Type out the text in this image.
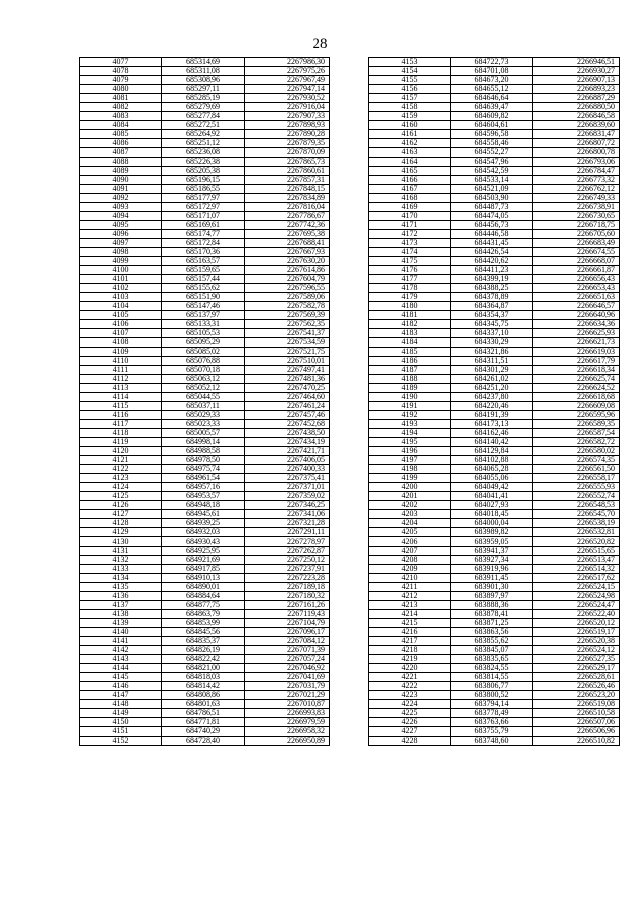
28
4077	685314,69	2267986,30
4078	685311,08	2267975,26
4079	685308,96	2267967,49
4080	685297,11	2267947,14
4081	685285,19	2267930,52
4082	685279,69	2267916,04
4083	685277,84	2267907,33
4084	685272,51	2267898,93
4085	685264,92	2267890,28
4086	685251,12	2267879,35
4087	685236,08	2267870,09
4088	685226,38	2267865,73
4089	685205,38	2267860,61
4090	685196,15	2267857,31
4091	685186,55	2267848,15
4092	685177,97	2267834,89
4093	685172,97	2267816,04
4094	685171,07	2267786,67
4095	685169,61	2267742,36
4096	685174,77	2267695,38
4097	685172,84	2267688,41
4098	685170,36	2267667,93
4099	685163,57	2267630,20
4100	685159,65	2267614,86
4101	685157,44	2267604,79
4102	685155,62	2267596,55
4103	685151,90	2267589,06
4104	685147,46	2267582,78
4105	685137,97	2267569,39
4106	685133,31	2267562,35
4107	685105,53	2267541,37
4108	685095,29	2267534,59
4109	685085,02	2267521,75
4110	685076,88	2267510,01
4111	685070,18	2267497,41
4112	685063,12	2267481,36
4113	685052,12	2267470,25
4114	685044,55	2267464,60
4115	685037,11	2267461,24
4116	685029,33	2267457,46
4117	685023,33	2267452,68
4118	685005,57	2267438,50
4119	684998,14	2267434,19
4120	684988,58	2267421,71
4121	684978,50	2267406,05
4122	684975,74	2267400,33
4123	684961,54	2267375,41
4124	684957,16	2267371,01
4125	684953,57	2267359,02
4126	684948,18	2267346,25
4127	684945,61	2267341,06
4128	684939,25	2267321,28
4129	684932,03	2267291,11
4130	684930,43	2267278,97
4131	684925,95	2267262,87
4132	684921,69	2267250,12
4133	684917,85	2267237,91
4134	684910,13	2267223,28
4135	684890,01	2267189,18
4136	684884,64	2267180,32
4137	684877,75	2267161,26
4138	684863,79	2267119,43
4139	684853,99	2267104,79
4140	684845,56	2267096,17
4141	684835,37	2267084,12
4142	684826,19	2267071,39
4143	684822,42	2267057,24
4144	684821,00	2267046,92
4145	684818,03	2267041,69
4146	684814,42	2267031,79
4147	684808,86	2267021,29
4148	684801,63	2267010,87
4149	684786,51	2266993,83
4150	684771,81	2266979,59
4151	684740,29	2266958,32
4152	684728,40	2266950,89
4153	684722,73	2266946,51
4154	684701,08	2266930,27
4155	684673,20	2266907,13
4156	684655,12	2266893,23
4157	684646,64	2266887,29
4158	684639,47	2266880,50
4159	684609,82	2266846,58
4160	684604,61	2266839,60
4161	684596,58	2266831,47
4162	684558,46	2266807,72
4163	684552,27	2266800,78
4164	684547,96	2266793,06
4165	684542,59	2266784,47
4166	684533,14	2266773,32
4167	684521,09	2266762,12
4168	684503,90	2266749,33
4169	684487,73	2266738,91
4170	684474,05	2266730,65
4171	684456,73	2266718,75
4172	684446,58	2266705,60
4173	684431,45	2266683,49
4174	684426,54	2266674,55
4175	684420,62	2266668,07
4176	684411,23	2266661,87
4177	684399,19	2266656,43
4178	684388,25	2266653,43
4179	684378,89	2266651,63
4180	684364,87	2266646,57
4181	684354,37	2266640,96
4182	684345,75	2266634,36
4183	684337,10	2266625,93
4184	684330,29	2266621,73
4185	684321,86	2266619,03
4186	684311,51	2266617,79
4187	684301,29	2266618,34
4188	684261,02	2266625,74
4189	684251,20	2266624,52
4190	684237,80	2266618,68
4191	684220,46	2266609,08
4192	684191,39	2266595,96
4193	684173,13	2266589,35
4194	684162,46	2266587,54
4195	684140,42	2266582,72
4196	684129,84	2266580,02
4197	684102,88	2266574,35
4198	684065,28	2266561,50
4199	684055,06	2266558,17
4200	684049,42	2266555,93
4201	684041,41	2266552,74
4202	684027,93	2266548,53
4203	684018,45	2266545,70
4204	684000,04	2266538,19
4205	683989,82	2266532,81
4206	683959,05	2266520,82
4207	683941,37	2266515,65
4208	683927,34	2266513,47
4209	683919,96	2266514,32
4210	683911,45	2266517,62
4211	683901,30	2266524,15
4212	683897,97	2266524,98
4213	683888,36	2266524,47
4214	683878,41	2266522,40
4215	683871,25	2266520,12
4216	683863,56	2266519,17
4217	683855,62	2266520,38
4218	683845,07	2266524,12
4219	683835,65	2266527,35
4220	683824,55	2266529,17
4221	683814,55	2266528,61
4222	683806,77	2266526,46
4223	683800,52	2266523,20
4224	683794,14	2266519,08
4225	683778,49	2266510,58
4226	683763,66	2266507,06
4227	683755,79	2266506,96
4228	683748,60	2266510,82
